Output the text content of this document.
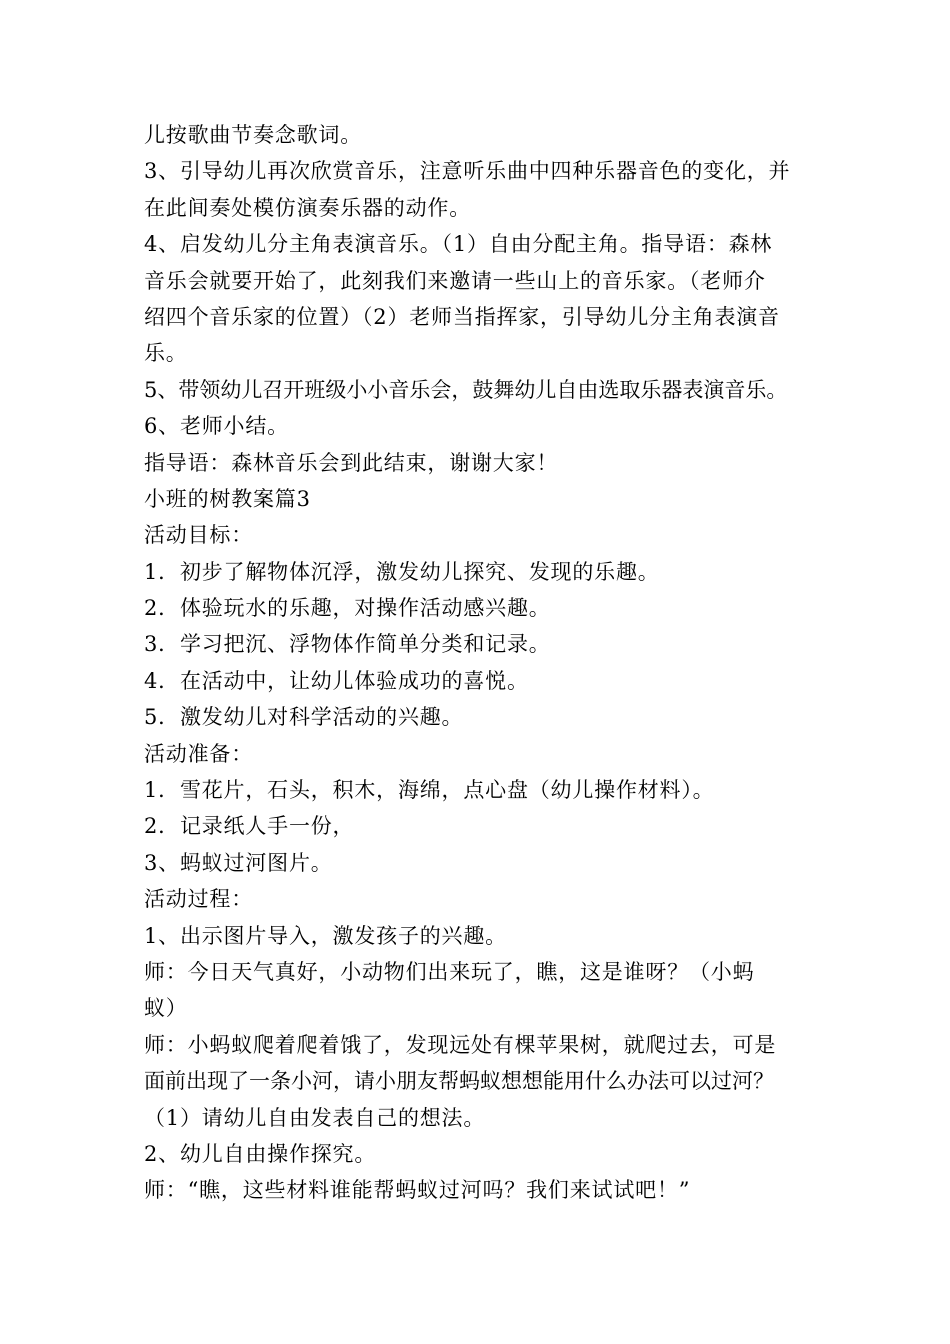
儿按歌曲节奏念歌词。
3、引导幼儿再次欣赏音乐，注意听乐曲中四种乐器音色的变化，并
在此间奏处模仿演奏乐器的动作。
4、启发幼儿分主角表演音乐。（1）自由分配主角。指导语：森林
音乐会就要开始了，此刻我们来邀请一些山上的音乐家。（老师介
绍四个音乐家的位置）（2）老师当指挥家，引导幼儿分主角表演音
乐。
5、带领幼儿召开班级小小音乐会，鼓舞幼儿自由选取乐器表演音乐。
6、老师小结。
指导语：森林音乐会到此结束，谢谢大家！
小班的树教案篇3
活动目标：
1．初步了解物体沉浮，激发幼儿探究、发现的乐趣。
2．体验玩水的乐趣，对操作活动感兴趣。
3．学习把沉、浮物体作简单分类和记录。
4．在活动中，让幼儿体验成功的喜悦。
5．激发幼儿对科学活动的兴趣。
活动准备：
1．雪花片，石头，积木，海绵，点心盘（幼儿操作材料）。
2．记录纸人手一份，
3、蚂蚁过河图片。
活动过程：
1、出示图片导入，激发孩子的兴趣。
师：今日天气真好，小动物们出来玩了，瞧，这是谁呀？（小蚂
蚁）
师：小蚂蚁爬着爬着饿了，发现远处有棵苹果树，就爬过去，可是
面前出现了一条小河，请小朋友帮蚂蚁想想能用什么办法可以过河？
（1）请幼儿自由发表自己的想法。
2、幼儿自由操作探究。
师：“瞧，这些材料谁能帮蚂蚁过河吗？我们来试试吧！”
